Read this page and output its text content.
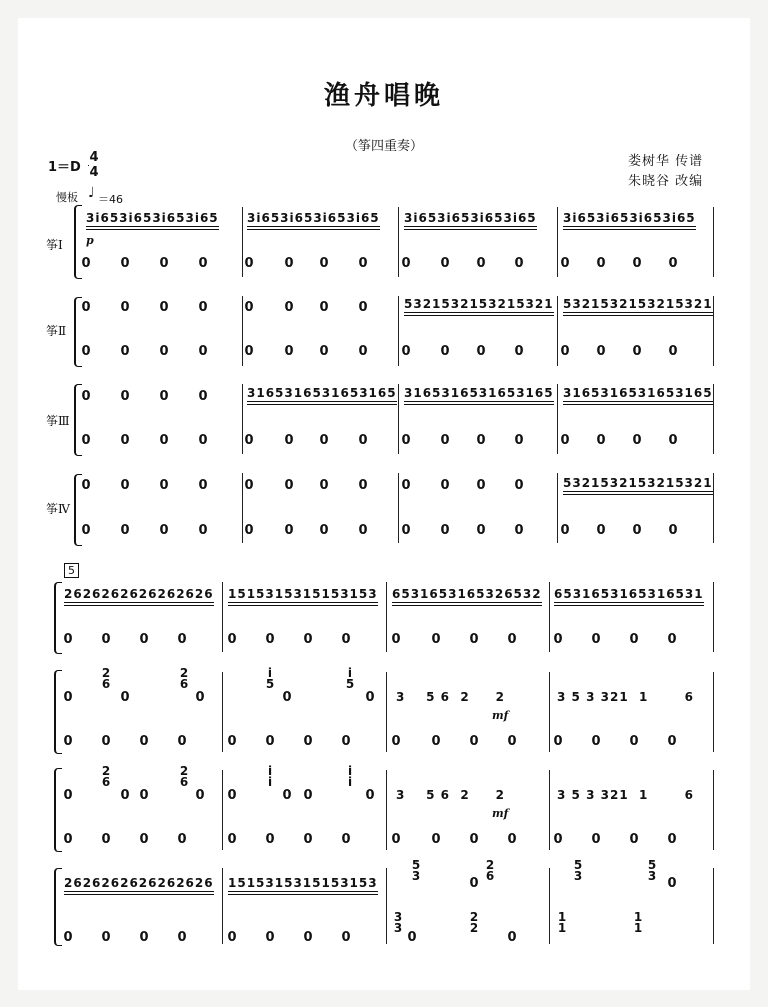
渔舟唱晚
（筝四重奏）
娄树华 传谱
朱晓谷 改编
1＝D
4
4
慢板 ♩ ＝46
筝Ⅰ
筝Ⅱ
筝Ⅲ
筝Ⅳ
3i653i653i653i65 3i653i653i653i65 3i653i653i653i65 3i653i653i653i65
p
0 0 0 0	0 0 0 0	0 0 0 0	0 0 0 0
0 0 0 0	0 0 0 0	5321532153215321 5321532153215321
0 0 0 0	0 0 0 0	0 0 0 0	0 0 0 0
0 0 0 0	3165316531653165 3165316531653165 3165316531653165
0 0 0 0	0 0 0 0	0 0 0 0	0 0 0 0
0 0 0 0	0 0 0 0	0 0 0 0	5321532153215321
0 0 0 0	0 0 0 0	0 0 0 0	0 0 0 0
5
2626262626262626 1515315315153153 6531653165326532 6531653165316531
0 0 0 0	0 0 0 0	0 0 0 0	0 0 0 0
2
6
2
6
i
5
i
5
3 5 6 2 2	3 5 3 321 1	6
0	0	0	0	0
mf
0 0 0 0	0 0 0 0	0 0 0 0	0 0 0 0
2
6
2
6
i
i
i
i
3 5 6 2 2	3 5 3 321 1	6
0	0 0	0 0	0 0	0
mf
0 0 0 0	0 0 0 0	0 0 0 0	0 0 0 0
2626262626262626 1515315315153153
5
3
2
6
5
3
5
3
0	0
3
3
2
2
1
1
1
1
0 0 0 0	0 0 0 0	0	0
